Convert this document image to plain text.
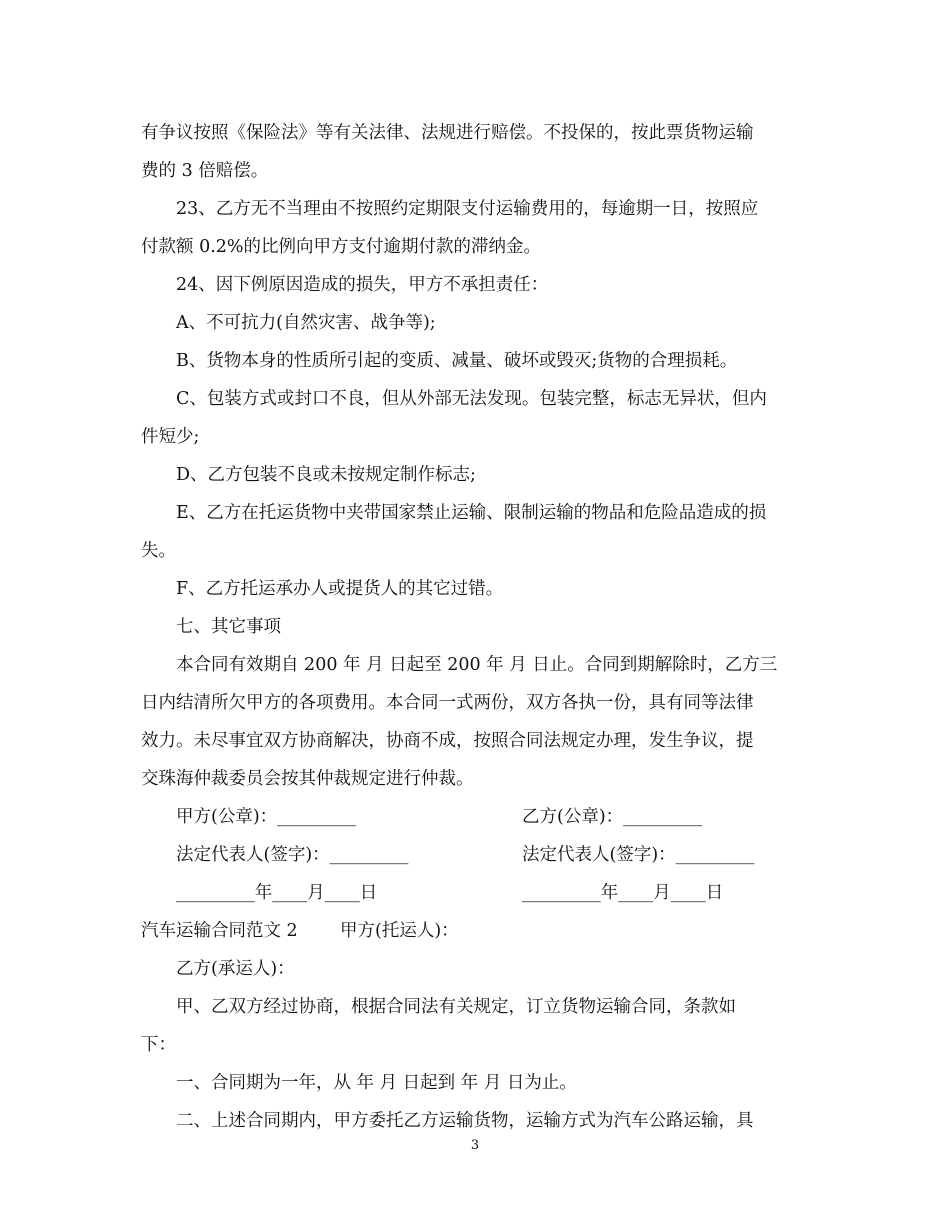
有争议按照《保险法》等有关法律、法规进行赔偿。不投保的，按此票货物运输
费的 3 倍赔偿。
23、乙方无不当理由不按照约定期限支付运输费用的，每逾期一日，按照应
付款额 0.2%的比例向甲方支付逾期付款的滞纳金。
24、因下例原因造成的损失，甲方不承担责任：
A、不可抗力(自然灾害、战争等);
B、货物本身的性质所引起的变质、减量、破坏或毁灭;货物的合理损耗。
C、包装方式或封口不良，但从外部无法发现。包装完整，标志无异状，但内
件短少;
D、乙方包装不良或未按规定制作标志;
E、乙方在托运货物中夹带国家禁止运输、限制运输的物品和危险品造成的损
失。
F、乙方托运承办人或提货人的其它过错。
七、其它事项
本合同有效期自 200 年 月 日起至 200 年 月 日止。合同到期解除时，乙方三
日内结清所欠甲方的各项费用。本合同一式两份，双方各执一份，具有同等法律
效力。未尽事宜双方协商解决，协商不成，按照合同法规定办理，发生争议，提
交珠海仲裁委员会按其仲裁规定进行仲裁。
甲方(公章)：_________	乙方(公章)：_________
法定代表人(签字)：_________	法定代表人(签字)：_________
_________年____月____日	_________年____月____日
汽车运输合同范文 2 甲方(托运人)：
乙方(承运人)：
甲、乙双方经过协商，根据合同法有关规定，订立货物运输合同，条款如
下：
一、合同期为一年，从 年 月 日起到 年 月 日为止。
二、上述合同期内，甲方委托乙方运输货物，运输方式为汽车公路运输，具
3
